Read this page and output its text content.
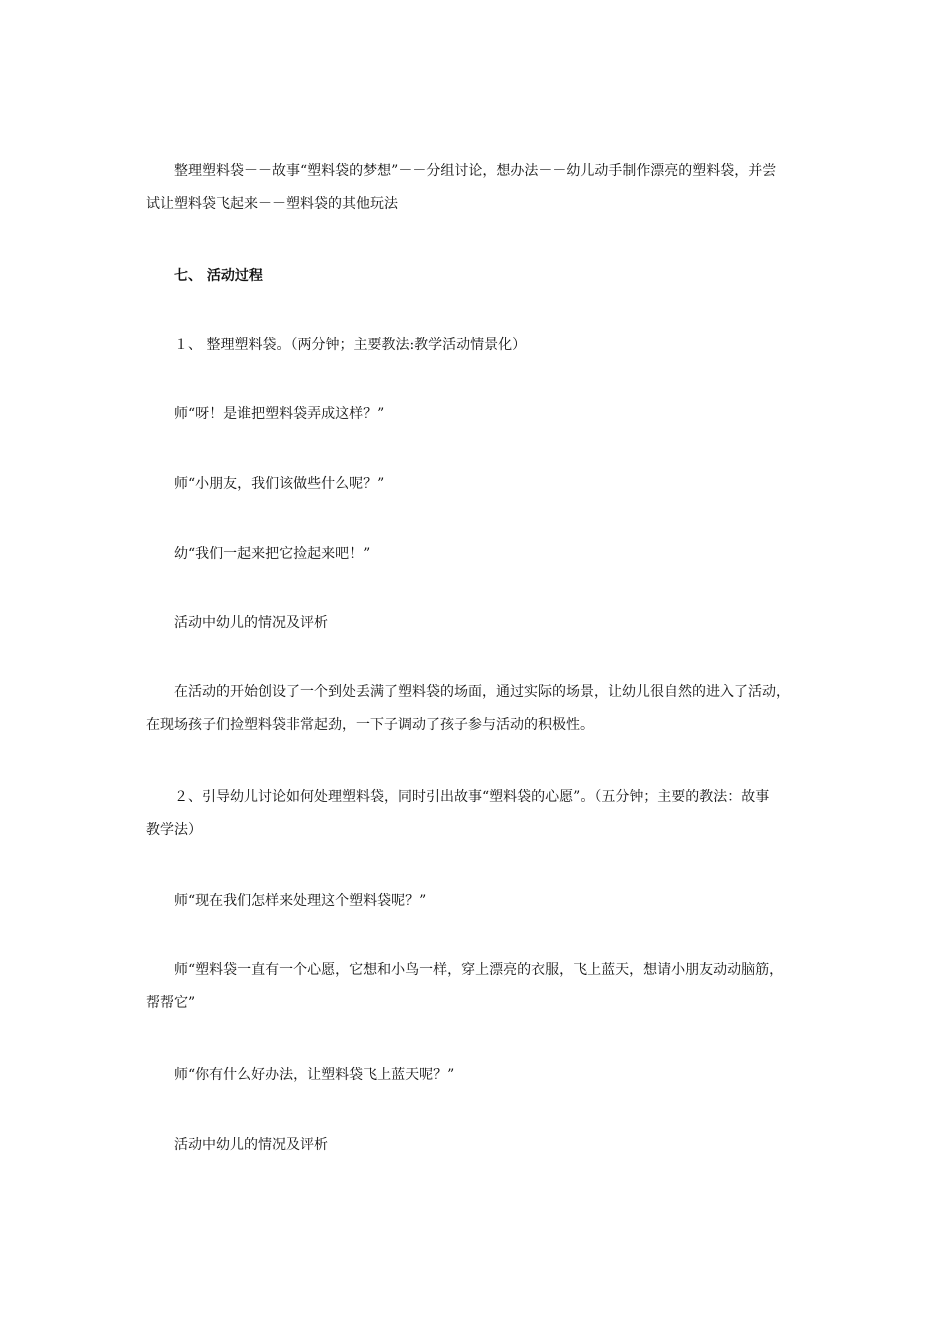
整理塑料袋－－故事“塑料袋的梦想”－－分组讨论，想办法－－幼儿动手制作漂亮的塑料袋，并尝
试让塑料袋飞起来－－塑料袋的其他玩法
七、 活动过程
１、 整理塑料袋。（两分钟；主要教法:教学活动情景化）
师“呀！是谁把塑料袋弄成这样？”
师“小朋友，我们该做些什么呢？”
幼“我们一起来把它捡起来吧！”
活动中幼儿的情况及评析
在活动的开始创设了一个到处丢满了塑料袋的场面，通过实际的场景，让幼儿很自然的进入了活动，
在现场孩子们捡塑料袋非常起劲，一下子调动了孩子参与活动的积极性。
２、引导幼儿讨论如何处理塑料袋，同时引出故事“塑料袋的心愿”。（五分钟；主要的教法：故事
教学法）
师“现在我们怎样来处理这个塑料袋呢？”
师“塑料袋一直有一个心愿，它想和小鸟一样，穿上漂亮的衣服，飞上蓝天，想请小朋友动动脑筋，
帮帮它”
师“你有什么好办法，让塑料袋飞上蓝天呢？”
活动中幼儿的情况及评析
